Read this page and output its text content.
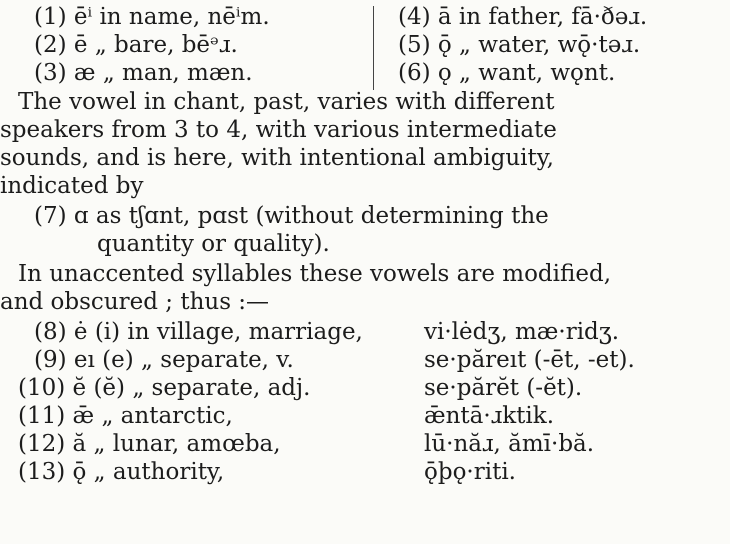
(1) ēⁱ in name, nēⁱm.
(2) ē „ bare, bēᵊɹ.
(3) æ „ man, mæn.
(4) ā in father, fā·ðəɹ.
(5) ǭ „ water, wǭ·təɹ.
(6) ǫ „ want, wǫnt.
The vowel in chant, past, varies with different
speakers from 3 to 4, with various intermediate
sounds, and is here, with intentional ambiguity,
indicated by
(7) ɑ as tʃɑnt, pɑst (without determining the
quantity or quality).
In unaccented syllables these vowels are modified,
and obscured ; thus :—
(8) ė (i) in village, marriage,	vi·lėdʒ, mæ·ridʒ.
(9) eı (e) „ separate, v.	se·păreıt (-ēt, -et).
(10) ĕ (ĕ) „ separate, adj.	se·părĕt (-ĕt).
(11) ǣ „ antarctic,	ǣntā·ɹktik.
(12) ă „ lunar, amœba,	lū·năɹ, ămī·bă.
(13) ǭ „ authority,	ǭþǫ·riti.
